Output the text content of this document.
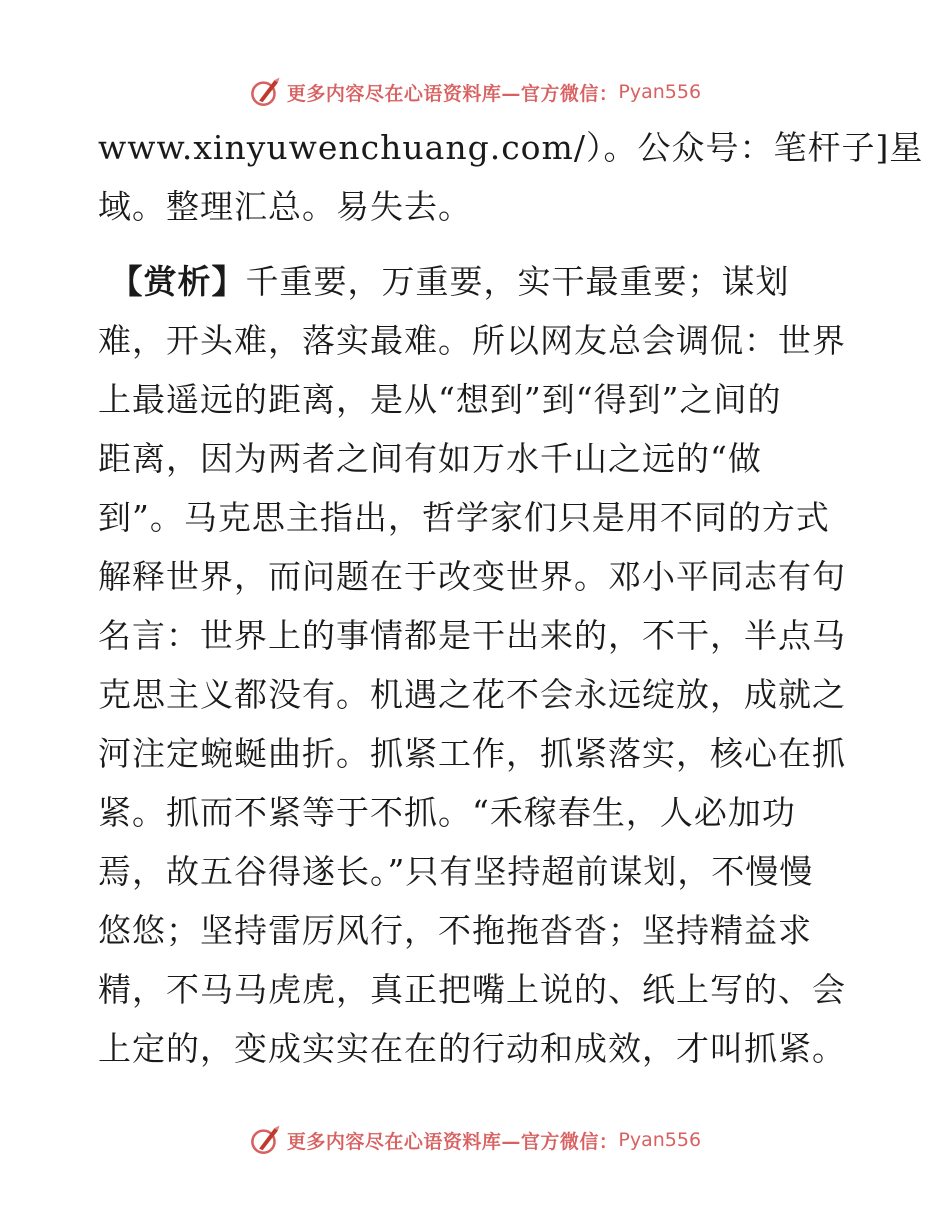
更多内容尽在心语资料库—官方微信： Pyan556
www.xinyuwenchuang.com/）。公众号：笔杆子]星
域。整理汇总。易失去。
【赏析】千重要，万重要，实干最重要；谋划
难，开头难，落实最难。所以网友总会调侃：世界
上最遥远的距离，是从“想到”到“得到”之间的
距离，因为两者之间有如万水千山之远的“做
到”。马克思主指出，哲学家们只是用不同的方式
解释世界，而问题在于改变世界。邓小平同志有句
名言：世界上的事情都是干出来的，不干，半点马
克思主义都没有。机遇之花不会永远绽放，成就之
河注定蜿蜒曲折。抓紧工作，抓紧落实，核心在抓
紧。抓而不紧等于不抓。“禾稼春生，人必加功
焉，故五谷得遂长。”只有坚持超前谋划，不慢慢
悠悠；坚持雷厉风行，不拖拖沓沓；坚持精益求
精，不马马虎虎，真正把嘴上说的、纸上写的、会
上定的，变成实实在在的行动和成效，才叫抓紧。
更多内容尽在心语资料库—官方微信： Pyan556
